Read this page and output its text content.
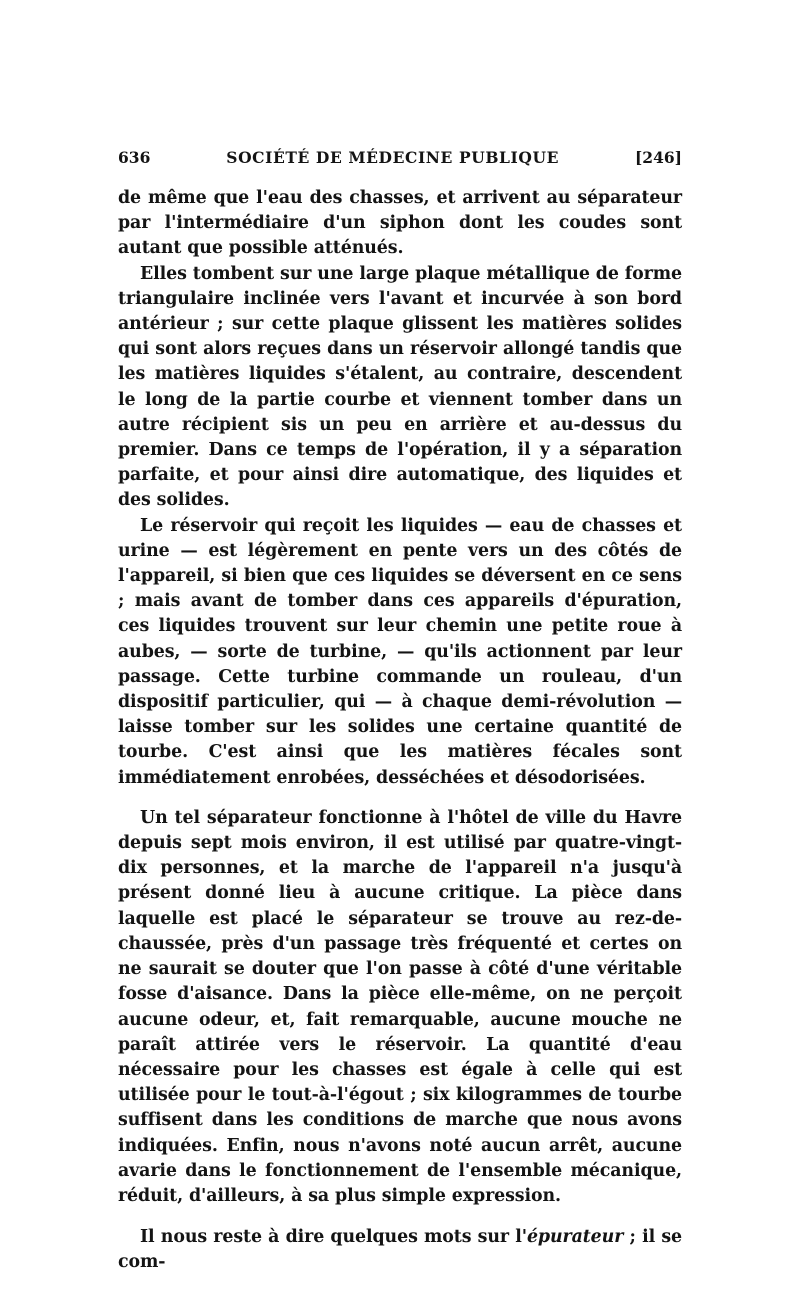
636	SOCIÉTÉ DE MÉDECINE PUBLIQUE	[246]

de même que l'eau des chasses, et arrivent au séparateur par l'intermédiaire d'un siphon dont les coudes sont autant que possible atténués.

Elles tombent sur une large plaque métallique de forme triangulaire inclinée vers l'avant et incurvée à son bord antérieur ; sur cette plaque glissent les matières solides qui sont alors reçues dans un réservoir allongé tandis que les matières liquides s'étalent, au contraire, descendent le long de la partie courbe et viennent tomber dans un autre récipient sis un peu en arrière et au-dessus du premier. Dans ce temps de l'opération, il y a séparation parfaite, et pour ainsi dire automatique, des liquides et des solides.

Le réservoir qui reçoit les liquides — eau de chasses et urine — est légèrement en pente vers un des côtés de l'appareil, si bien que ces liquides se déversent en ce sens ; mais avant de tomber dans ces appareils d'épuration, ces liquides trouvent sur leur chemin une petite roue à aubes, — sorte de turbine, — qu'ils actionnent par leur passage. Cette turbine commande un rouleau, d'un dispositif particulier, qui — à chaque demi-révolution — laisse tomber sur les solides une certaine quantité de tourbe. C'est ainsi que les matières fécales sont immédiatement enrobées, desséchées et désodorisées.

Un tel séparateur fonctionne à l'hôtel de ville du Havre depuis sept mois environ, il est utilisé par quatre-vingt-dix personnes, et la marche de l'appareil n'a jusqu'à présent donné lieu à aucune critique. La pièce dans laquelle est placé le séparateur se trouve au rez-de-chaussée, près d'un passage très fréquenté et certes on ne saurait se douter que l'on passe à côté d'une véritable fosse d'aisance. Dans la pièce elle-même, on ne perçoit aucune odeur, et, fait remarquable, aucune mouche ne paraît attirée vers le réservoir. La quantité d'eau nécessaire pour les chasses est égale à celle qui est utilisée pour le tout-à-l'égout ; six kilogrammes de tourbe suffisent dans les conditions de marche que nous avons indiquées. Enfin, nous n'avons noté aucun arrêt, aucune avarie dans le fonctionnement de l'ensemble mécanique, réduit, d'ailleurs, à sa plus simple expression.

Il nous reste à dire quelques mots sur l'épurateur ; il se com-
